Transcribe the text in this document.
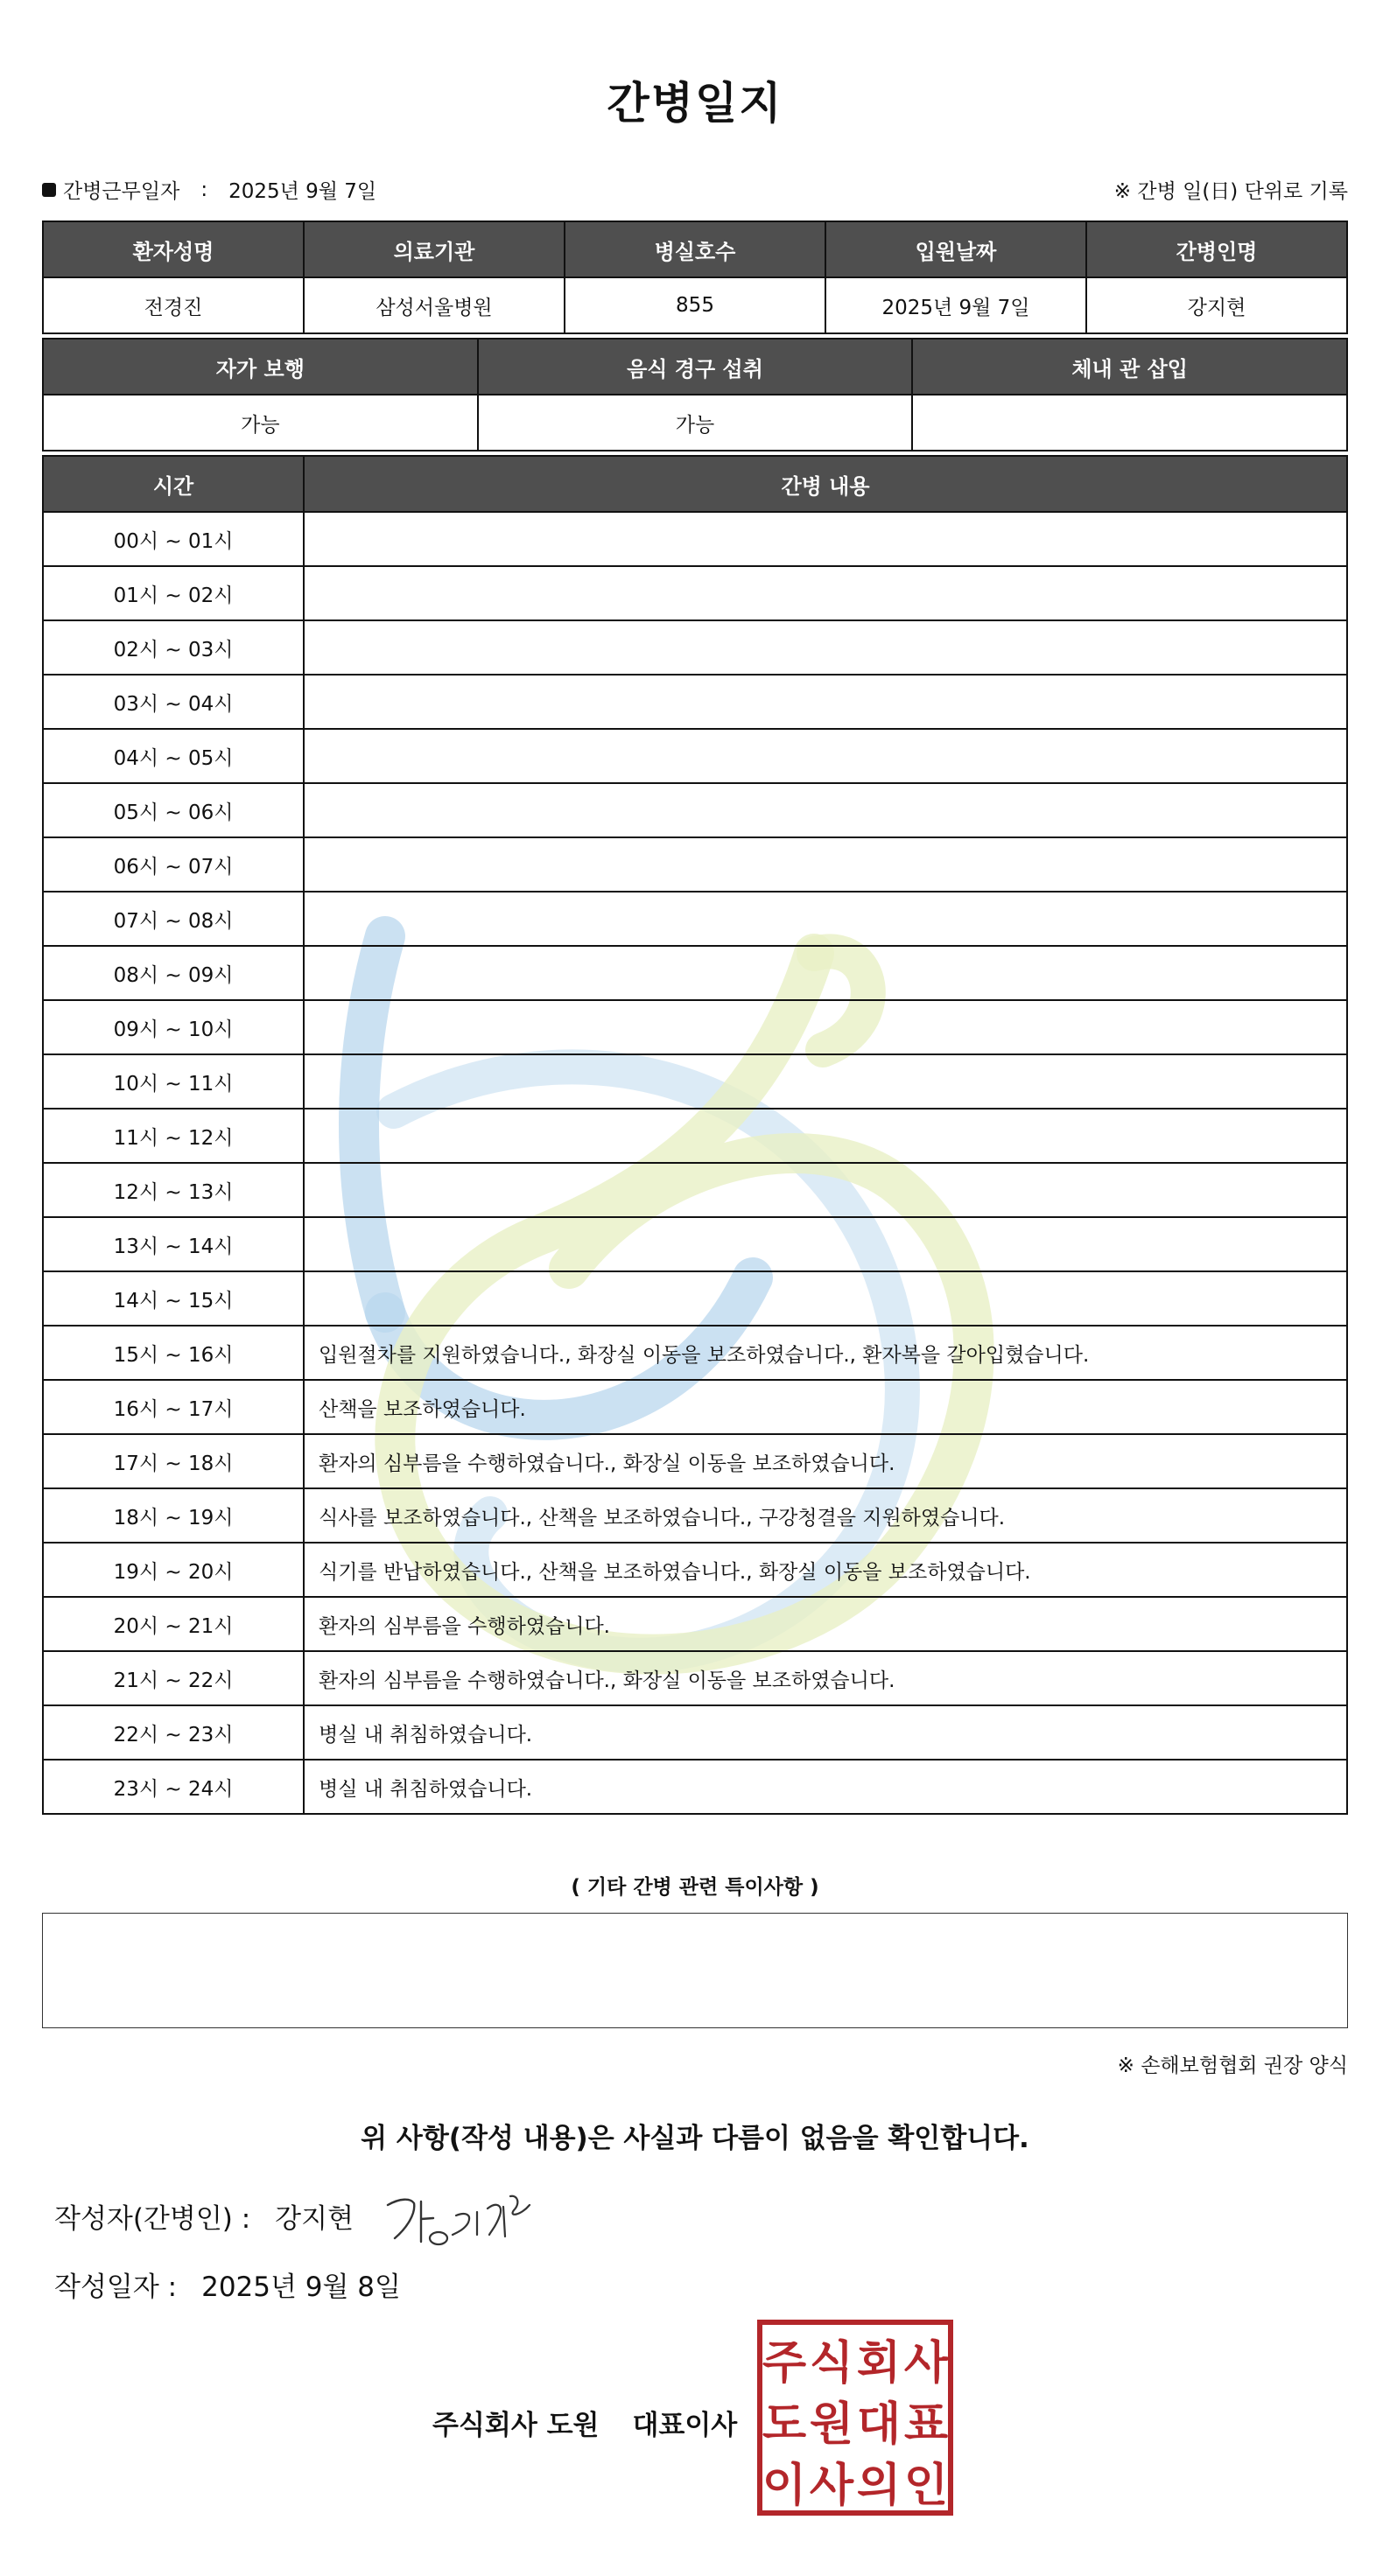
간병일지
간병근무일자 : 2025년 9월 7일	※ 간병 일(日) 단위로 기록
환자성명	의료기관	병실호수	입원날짜	간병인명
전경진	삼성서울병원	855	2025년 9월 7일	강지현
자가 보행	음식 경구 섭취	체내 관 삽입
가능	가능	
시간	간병 내용
00시 ~ 01시	
01시 ~ 02시	
02시 ~ 03시	
03시 ~ 04시	
04시 ~ 05시	
05시 ~ 06시	
06시 ~ 07시	
07시 ~ 08시	
08시 ~ 09시	
09시 ~ 10시	
10시 ~ 11시	
11시 ~ 12시	
12시 ~ 13시	
13시 ~ 14시	
14시 ~ 15시	
15시 ~ 16시	입원절차를 지원하였습니다., 화장실 이동을 보조하였습니다., 환자복을 갈아입혔습니다.
16시 ~ 17시	산책을 보조하였습니다.
17시 ~ 18시	환자의 심부름을 수행하였습니다., 화장실 이동을 보조하였습니다.
18시 ~ 19시	식사를 보조하였습니다., 산책을 보조하였습니다., 구강청결을 지원하였습니다.
19시 ~ 20시	식기를 반납하였습니다., 산책을 보조하였습니다., 화장실 이동을 보조하였습니다.
20시 ~ 21시	환자의 심부름을 수행하였습니다.
21시 ~ 22시	환자의 심부름을 수행하였습니다., 화장실 이동을 보조하였습니다.
22시 ~ 23시	병실 내 취침하였습니다.
23시 ~ 24시	병실 내 취침하였습니다.
( 기타 간병 관련 특이사항 )
※ 손해보험협회 권장 양식
위 사항(작성 내용)은 사실과 다름이 없음을 확인합니다.
작성자(간병인) : 강지현
작성일자 : 2025년 9월 8일
주식회사 도원 대표이사
주 식 회 사
도 원 대 표
이 사 의 인
